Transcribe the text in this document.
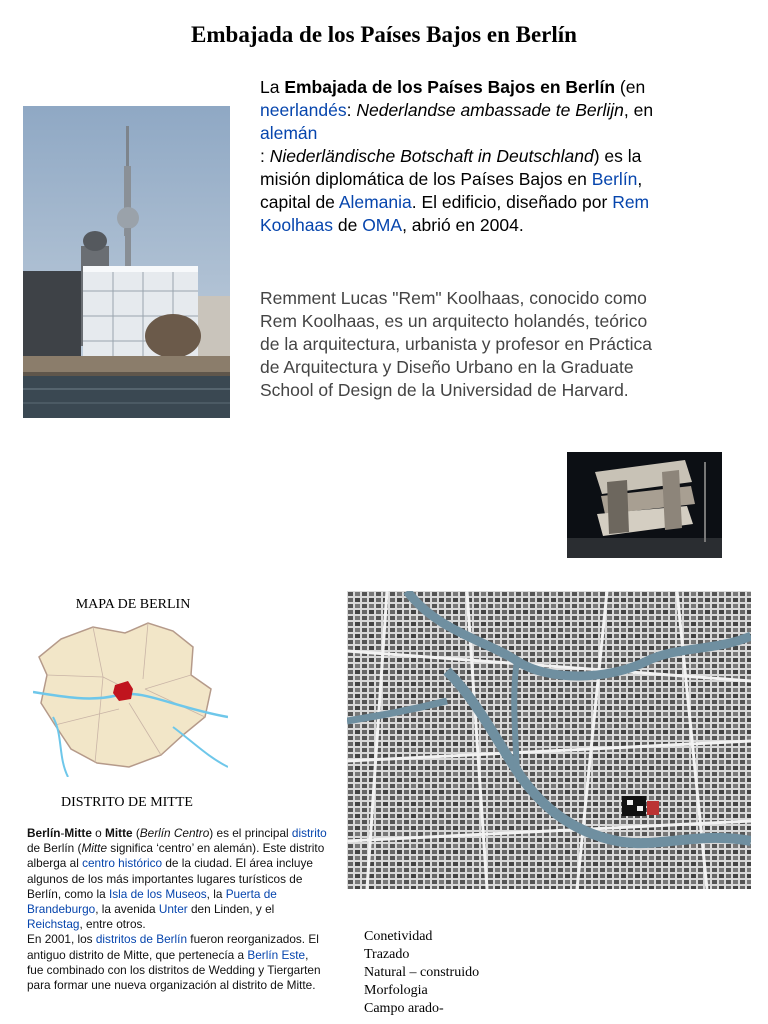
Embajada de los Países Bajos en Berlín
La Embajada de los Países Bajos en Berlín (en neerlandés: Nederlandse ambassade te Berlijn, en alemán
: Niederländische Botschaft in Deutschland) es la misión diplomática de los Países Bajos en Berlín, capital de Alemania. El edificio, diseñado por Rem Koolhaas de OMA, abrió en 2004.
Remment Lucas "Rem" Koolhaas, conocido como Rem Koolhaas, es un arquitecto holandés, teórico de la arquitectura, urbanista y profesor en Práctica de Arquitectura y Diseño Urbano en la Graduate School of Design de la Universidad de Harvard.
MAPA DE BERLIN
DISTRITO DE MITTE
Berlín-Mitte o Mitte (Berlín Centro) es el principal distrito de Berlín (Mitte significa ‘centro’ en alemán). Este distrito alberga al centro histórico de la ciudad. El área incluye algunos de los más importantes lugares turísticos de Berlín, como la Isla de los Museos, la Puerta de Brandeburgo, la avenida Unter den Linden, y el Reichstag, entre otros.
En 2001, los distritos de Berlín fueron reorganizados. El antiguo distrito de Mitte, que pertenecía a Berlín Este, fue combinado con los distritos de Wedding y Tiergarten para formar une nueva organización al distrito de Mitte.
Conetividad
Trazado
Natural – construido
Morfologia
Campo arado-
